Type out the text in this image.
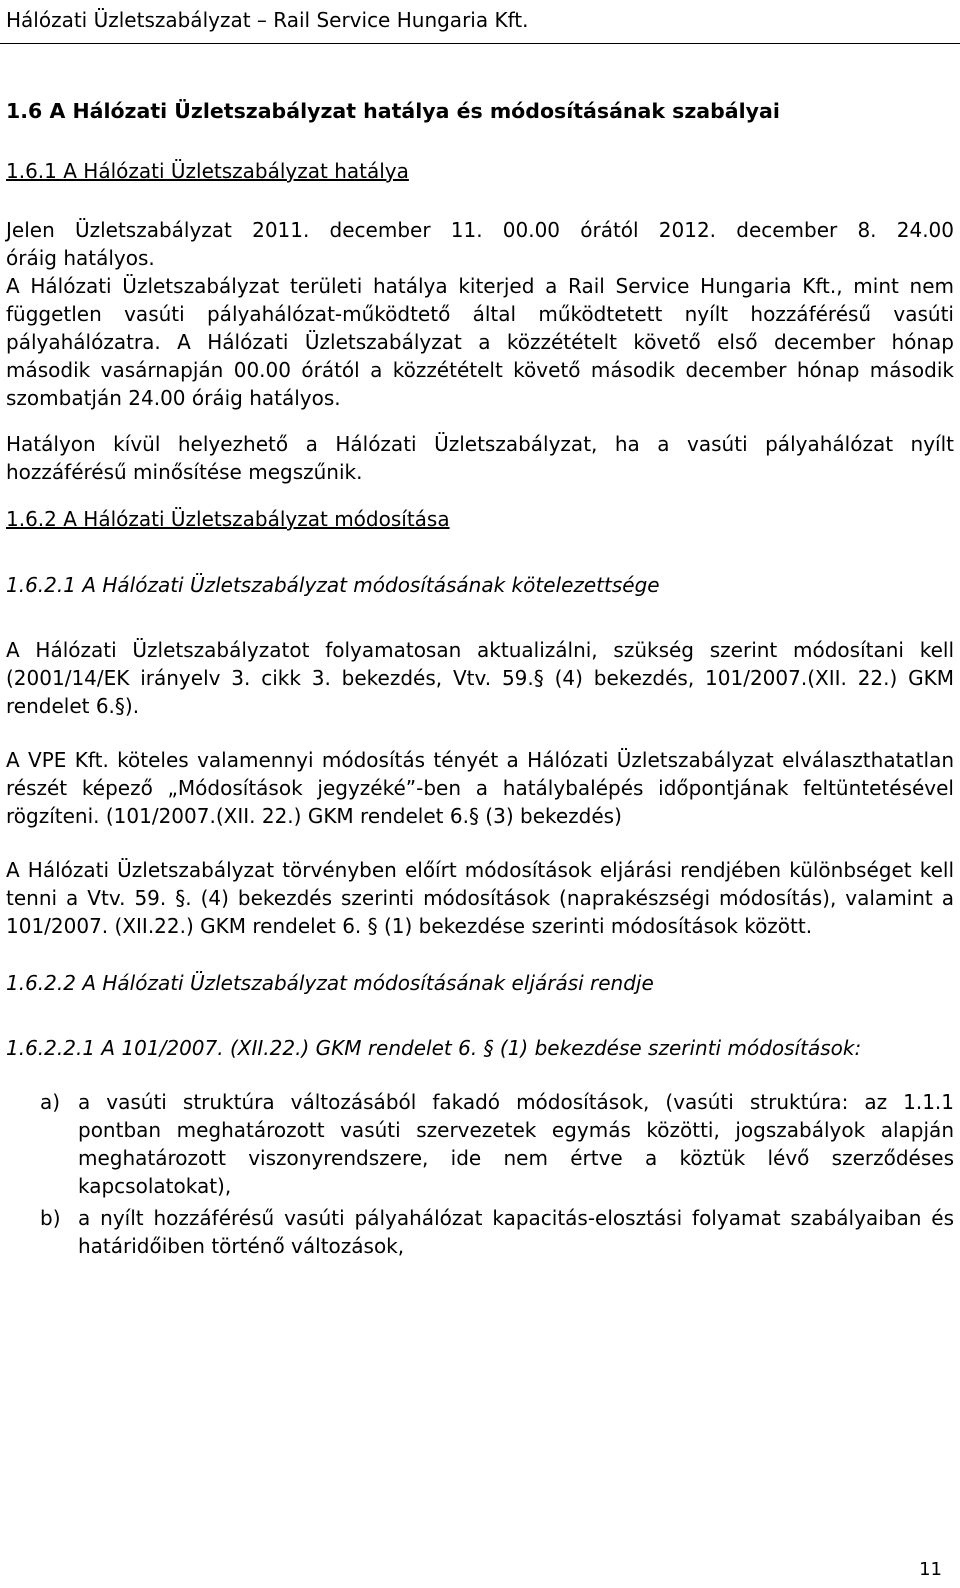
Hálózati Üzletszabályzat – Rail Service Hungaria Kft.
1.6 A Hálózati Üzletszabályzat hatálya és módosításának szabályai
1.6.1 A Hálózati Üzletszabályzat hatálya

Jelen Üzletszabályzat 2011. december 11. 00.00 órától 2012. december 8. 24.00

óráig hatályos.

A Hálózati Üzletszabályzat területi hatálya kiterjed a Rail Service Hungaria Kft., mint nem független vasúti pályahálózat-működtető által működtetett nyílt hozzáférésű vasúti pályahálózatra. A Hálózati Üzletszabályzat a közzétételt követő első december hónap második vasárnapján 00.00 órától a közzétételt követő második december hónap második szombatján 24.00 óráig hatályos.

Hatályon kívül helyezhető a Hálózati Üzletszabályzat, ha a vasúti pályahálózat nyílt hozzáférésű minősítése megszűnik.

1.6.2 A Hálózati Üzletszabályzat módosítása
1.6.2.1 A Hálózati Üzletszabályzat módosításának kötelezettsége

A Hálózati Üzletszabályzatot folyamatosan aktualizálni, szükség szerint módosítani kell (2001/14/EK irányelv 3. cikk 3. bekezdés, Vtv. 59.§ (4) bekezdés, 101/2007.(XII. 22.) GKM rendelet 6.§).

A VPE Kft. köteles valamennyi módosítás tényét a Hálózati Üzletszabályzat elválaszthatatlan részét képező „Módosítások jegyzéké”-ben a hatálybalépés időpontjának feltüntetésével rögzíteni. (101/2007.(XII. 22.) GKM rendelet 6.§ (3) bekezdés)

A Hálózati Üzletszabályzat törvényben előírt módosítások eljárási rendjében különbséget kell tenni a Vtv. 59. §. (4) bekezdés szerinti módosítások (naprakészségi módosítás), valamint a 101/2007. (XII.22.) GKM rendelet 6. § (1) bekezdése szerinti módosítások között.

1.6.2.2 A Hálózati Üzletszabályzat módosításának eljárási rendje
1.6.2.2.1 A 101/2007. (XII.22.) GKM rendelet 6. § (1) bekezdése szerinti módosítások:
a) a vasúti struktúra változásából fakadó módosítások, (vasúti struktúra: az 1.1.1 pontban meghatározott vasúti szervezetek egymás közötti, jogszabályok alapján meghatározott viszonyrendszere, ide nem értve a köztük lévő szerződéses kapcsolatokat),
b) a nyílt hozzáférésű vasúti pályahálózat kapacitás-elosztási folyamat szabályaiban és határidőiben történő változások,
11
